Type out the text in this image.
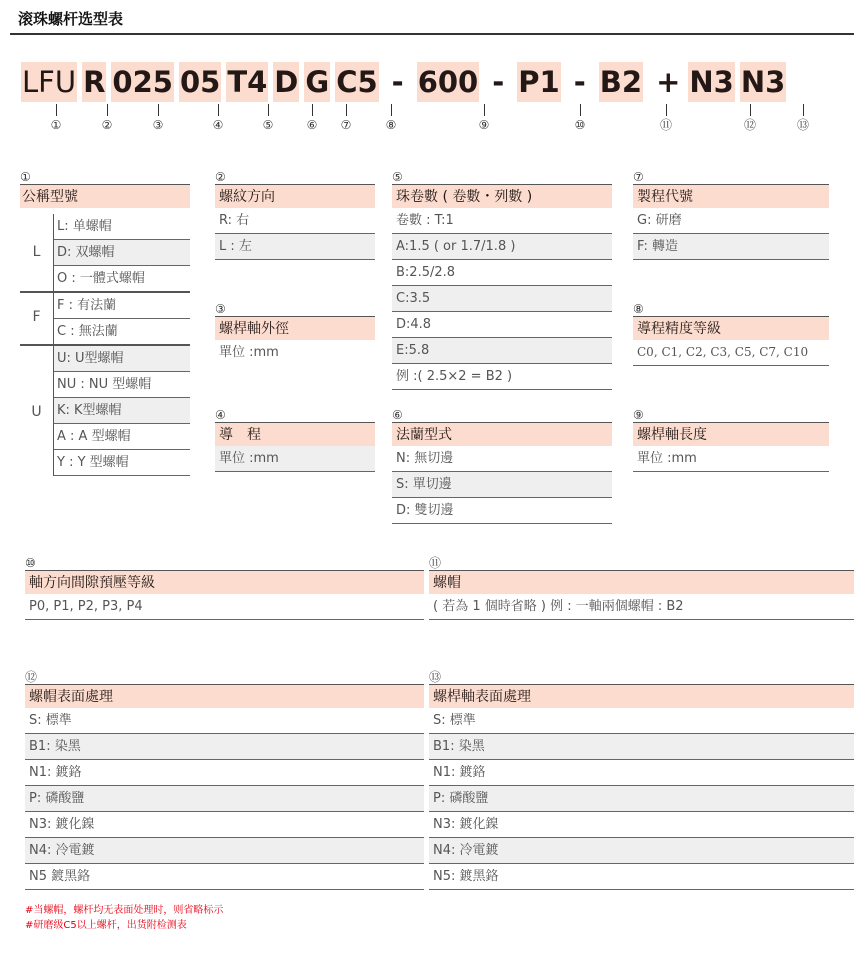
滚珠螺杆选型表
LFU R 025 05 T4 D G C5 - 600 - P1 - B2 + N3 N3
①	②	③	④	⑤	⑥	⑦	⑧	⑨	⑩	⑪	⑫	⑬
①
公稱型號
L
L: 单螺帽
D: 双螺帽
O : 一體式螺帽
F
F : 有法蘭
C : 無法蘭
U
U: U型螺帽
NU : NU 型螺帽
K: K型螺帽
A : A 型螺帽
Y : Y 型螺帽
②
螺紋方向
R: 右
L : 左
③
螺桿軸外徑
單位 :mm
④
導　程
單位 :mm
⑤
珠卷數 ( 卷數・列數 )
卷數 : T:1
A:1.5 ( or 1.7/1.8 )
B:2.5/2.8
C:3.5
D:4.8
E:5.8
例 :( 2.5×2 = B2 )
⑥
法蘭型式
N: 無切邊
S: 單切邊
D: 雙切邊
⑦
製程代號
G: 研磨
F: 轉造
⑧
導程精度等級
C0, C1, C2, C3, C5, C7, C10
⑨
螺桿軸長度
單位 :mm
⑩
軸方向間隙預壓等級
P0, P1, P2, P3, P4
⑪
螺帽
( 若為 1 個時省略 ) 例 : 一軸兩個螺帽 : B2
⑫
螺帽表面處理
S: 標準
B1: 染黑
N1: 鍍鉻
P: 磷酸鹽
N3: 鍍化鎳
N4: 冷電鍍
N5 鍍黑鉻
⑬
螺桿軸表面處理
S: 標準
B1: 染黑
N1: 鍍鉻
P: 磷酸鹽
N3: 鍍化鎳
N4: 冷電鍍
N5: 鍍黑鉻
#当螺帽，螺杆均无表面处理时，则省略标示
#研磨级C5以上螺杆，出货附检测表
